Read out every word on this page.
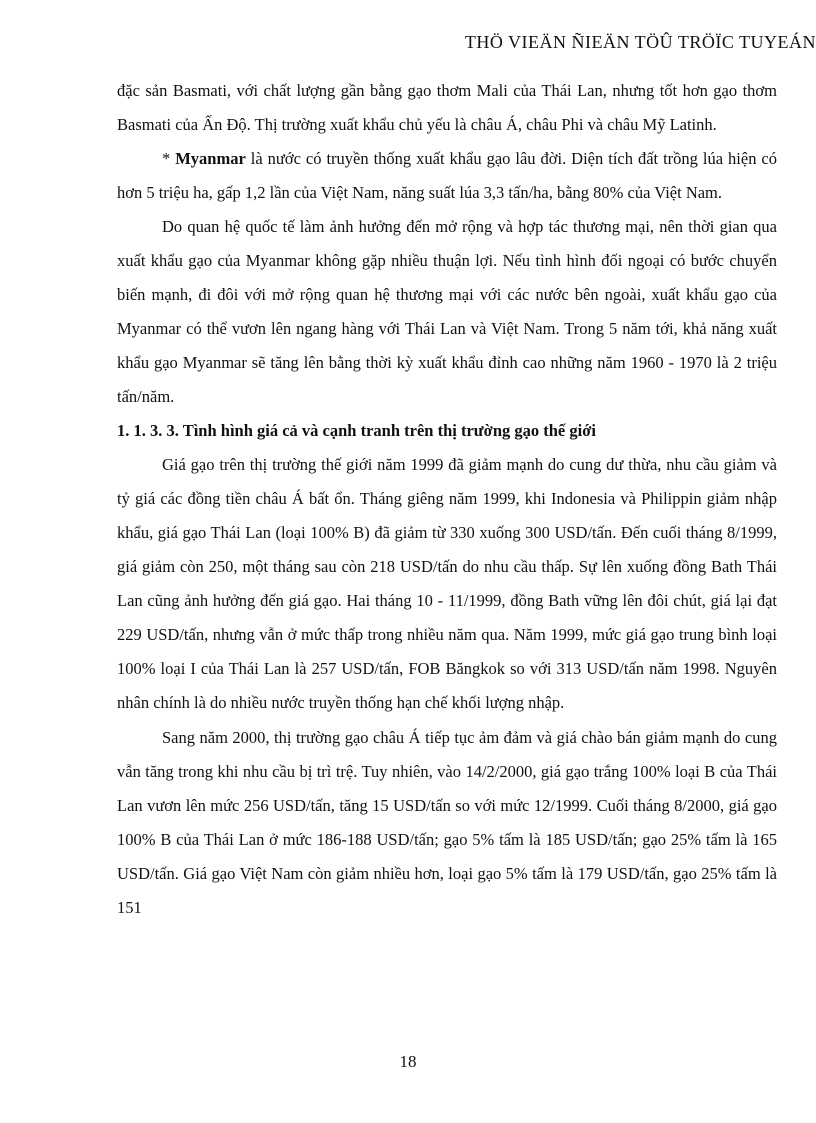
THÖ VIEÄN ÑIEÄN TÖÛ TRÖÏC TUYEÁN

đặc sản Basmati, với chất lượng gần bằng gạo thơm Mali của Thái Lan, nhưng tốt hơn gạo thơm Basmati của Ấn Độ. Thị trường xuất khẩu chủ yếu là châu Á, châu Phi và châu Mỹ Latinh.

* Myanmar là nước có truyền thống xuất khẩu gạo lâu đời. Diện tích đất trồng lúa hiện có hơn 5 triệu ha, gấp 1,2 lần của Việt Nam, năng suất lúa 3,3 tấn/ha, bằng 80% của Việt Nam.

Do quan hệ quốc tế làm ảnh hưởng đến mở rộng và hợp tác thương mại, nên thời gian qua xuất khẩu gạo của Myanmar không gặp nhiều thuận lợi. Nếu tình hình đối ngoại có bước chuyển biến mạnh, đi đôi với mở rộng quan hệ thương mại với các nước bên ngoài, xuất khẩu gạo của Myanmar có thể vươn lên ngang hàng với Thái Lan và Việt Nam. Trong 5 năm tới, khả năng xuất khẩu gạo Myanmar sẽ tăng lên bằng thời kỳ xuất khẩu đỉnh cao những năm 1960 - 1970 là 2 triệu tấn/năm.

1. 1. 3. 3. Tình hình giá cả và cạnh tranh trên thị trường gạo thế giới

Giá gạo trên thị trường thế giới năm 1999 đã giảm mạnh do cung dư thừa, nhu cầu giảm và tỷ giá các đồng tiền châu Á bất ổn. Tháng giêng năm 1999, khi Indonesia và Philippin giảm nhập khẩu, giá gạo Thái Lan (loại 100% B) đã giảm từ 330 xuống 300 USD/tấn. Đến cuối tháng 8/1999, giá giảm còn 250, một tháng sau còn 218 USD/tấn do nhu cầu thấp. Sự lên xuống đồng Bath Thái Lan cũng ảnh hưởng đến giá gạo. Hai tháng 10 - 11/1999, đồng Bath vững lên đôi chút, giá lại đạt 229 USD/tấn, nhưng vẫn ở mức thấp trong nhiều năm qua. Năm 1999, mức giá gạo trung bình loại 100% loại I của Thái Lan là 257 USD/tấn, FOB Băngkok so với 313 USD/tấn năm 1998. Nguyên nhân chính là do nhiều nước truyền thống hạn chế khối lượng nhập.

Sang năm 2000, thị trường gạo châu Á tiếp tục ảm đảm và giá chào bán giảm mạnh do cung vẫn tăng trong khi nhu cầu bị trì trệ. Tuy nhiên, vào 14/2/2000, giá gạo trắng 100% loại B của Thái Lan vươn lên mức 256 USD/tấn, tăng 15 USD/tấn so với mức 12/1999. Cuối tháng 8/2000, giá gạo 100% B của Thái Lan ở mức 186-188 USD/tấn; gạo 5% tấm là 185 USD/tấn; gạo 25% tấm là 165 USD/tấn. Giá gạo Việt Nam còn giảm nhiều hơn, loại gạo 5% tấm là 179 USD/tấn, gạo 25% tấm là 151

18
